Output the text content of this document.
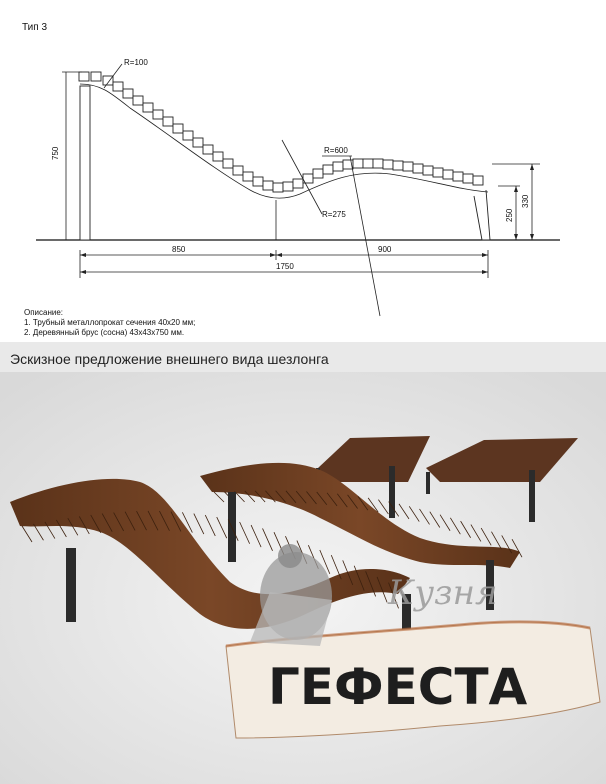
Тип 3
750
R=100
R=600
R=275
850	900
1750
250
330
Описание:
1. Трубный металлопрокат сечения 40х20 мм;
2. Деревянный брус (сосна) 43х43х750 мм.
Эскизное предложение внешнего вида шезлонга
Кузня
ГЕФЕСТА
